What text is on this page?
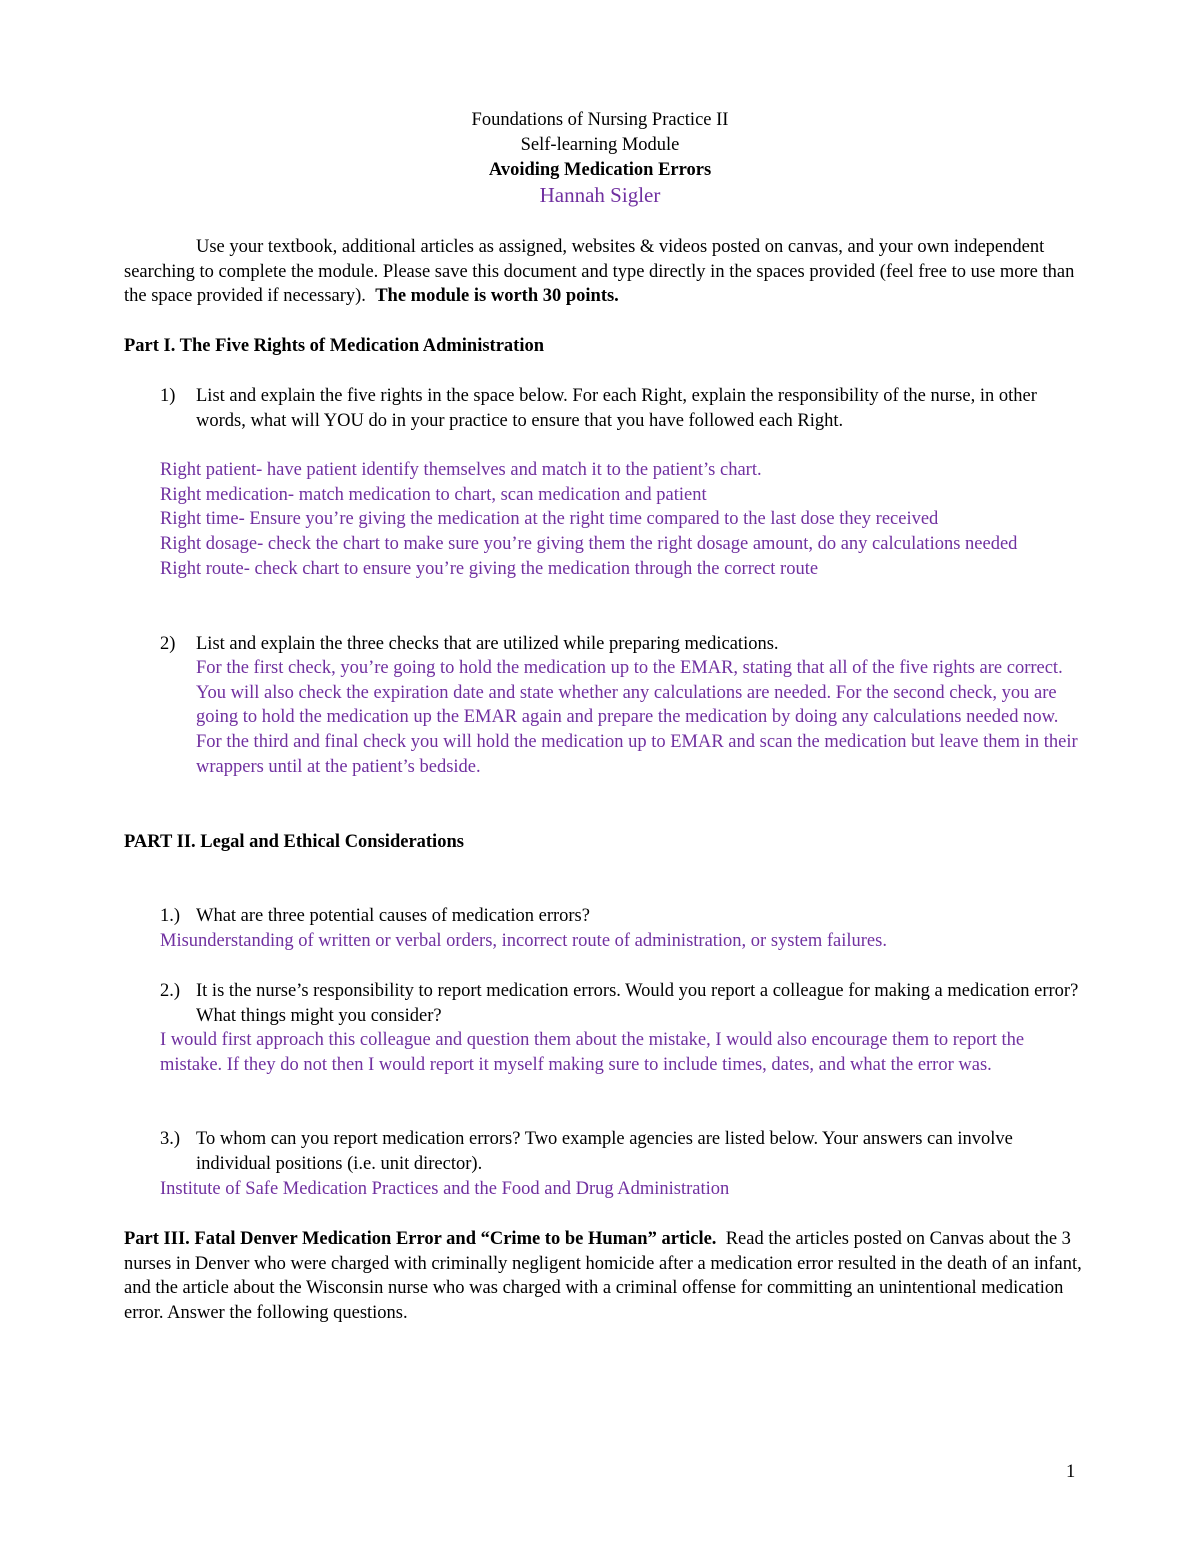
Foundations of Nursing Practice II
Self-learning Module
Avoiding Medication Errors
Hannah Sigler

Use your textbook, additional articles as assigned, websites & videos posted on canvas, and your own independent searching to complete the module. Please save this document and type directly in the spaces provided (feel free to use more than the space provided if necessary). The module is worth 30 points.

Part I. The Five Rights of Medication Administration
1) List and explain the five rights in the space below. For each Right, explain the responsibility of the nurse, in other words, what will YOU do in your practice to ensure that you have followed each Right.
Right patient- have patient identify themselves and match it to the patient’s chart.
Right medication- match medication to chart, scan medication and patient
Right time- Ensure you’re giving the medication at the right time compared to the last dose they received
Right dosage- check the chart to make sure you’re giving them the right dosage amount, do any calculations needed
Right route- check chart to ensure you’re giving the medication through the correct route
2) List and explain the three checks that are utilized while preparing medications.
For the first check, you’re going to hold the medication up to the EMAR, stating that all of the five rights are correct. You will also check the expiration date and state whether any calculations are needed. For the second check, you are going to hold the medication up the EMAR again and prepare the medication by doing any calculations needed now. For the third and final check you will hold the medication up to EMAR and scan the medication but leave them in their wrappers until at the patient’s bedside.
PART II. Legal and Ethical Considerations
1.) What are three potential causes of medication errors?
Misunderstanding of written or verbal orders, incorrect route of administration, or system failures.
2.) It is the nurse’s responsibility to report medication errors. Would you report a colleague for making a medication error? What things might you consider?
I would first approach this colleague and question them about the mistake, I would also encourage them to report the mistake. If they do not then I would report it myself making sure to include times, dates, and what the error was.
3.) To whom can you report medication errors? Two example agencies are listed below. Your answers can involve individual positions (i.e. unit director).
Institute of Safe Medication Practices and the Food and Drug Administration

Part III. Fatal Denver Medication Error and “Crime to be Human” article. Read the articles posted on Canvas about the 3 nurses in Denver who were charged with criminally negligent homicide after a medication error resulted in the death of an infant, and the article about the Wisconsin nurse who was charged with a criminal offense for committing an unintentional medication error. Answer the following questions.

1
